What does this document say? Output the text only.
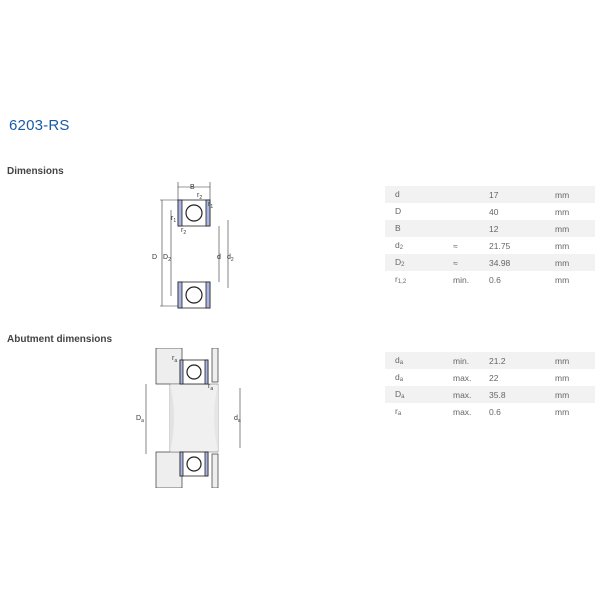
6203-RS
Dimensions
Abutment dimensions
B
D $D_2$	d $d_2$
$r_2$
$r_1$
$r_1$
$r_2$
$D_a$	$d_a$
$r_a$
$r_a$
d		17	mm
D		40	mm
B		12	mm
$d_2$	≈	21.75	mm
$D_2$	≈	34.98	mm
$r_{1,2}$	min.	0.6	mm
$d_a$	min.	21.2	mm
$d_a$	max.	22	mm
$D_a$	max.	35.8	mm
$r_a$	max.	0.6	mm
